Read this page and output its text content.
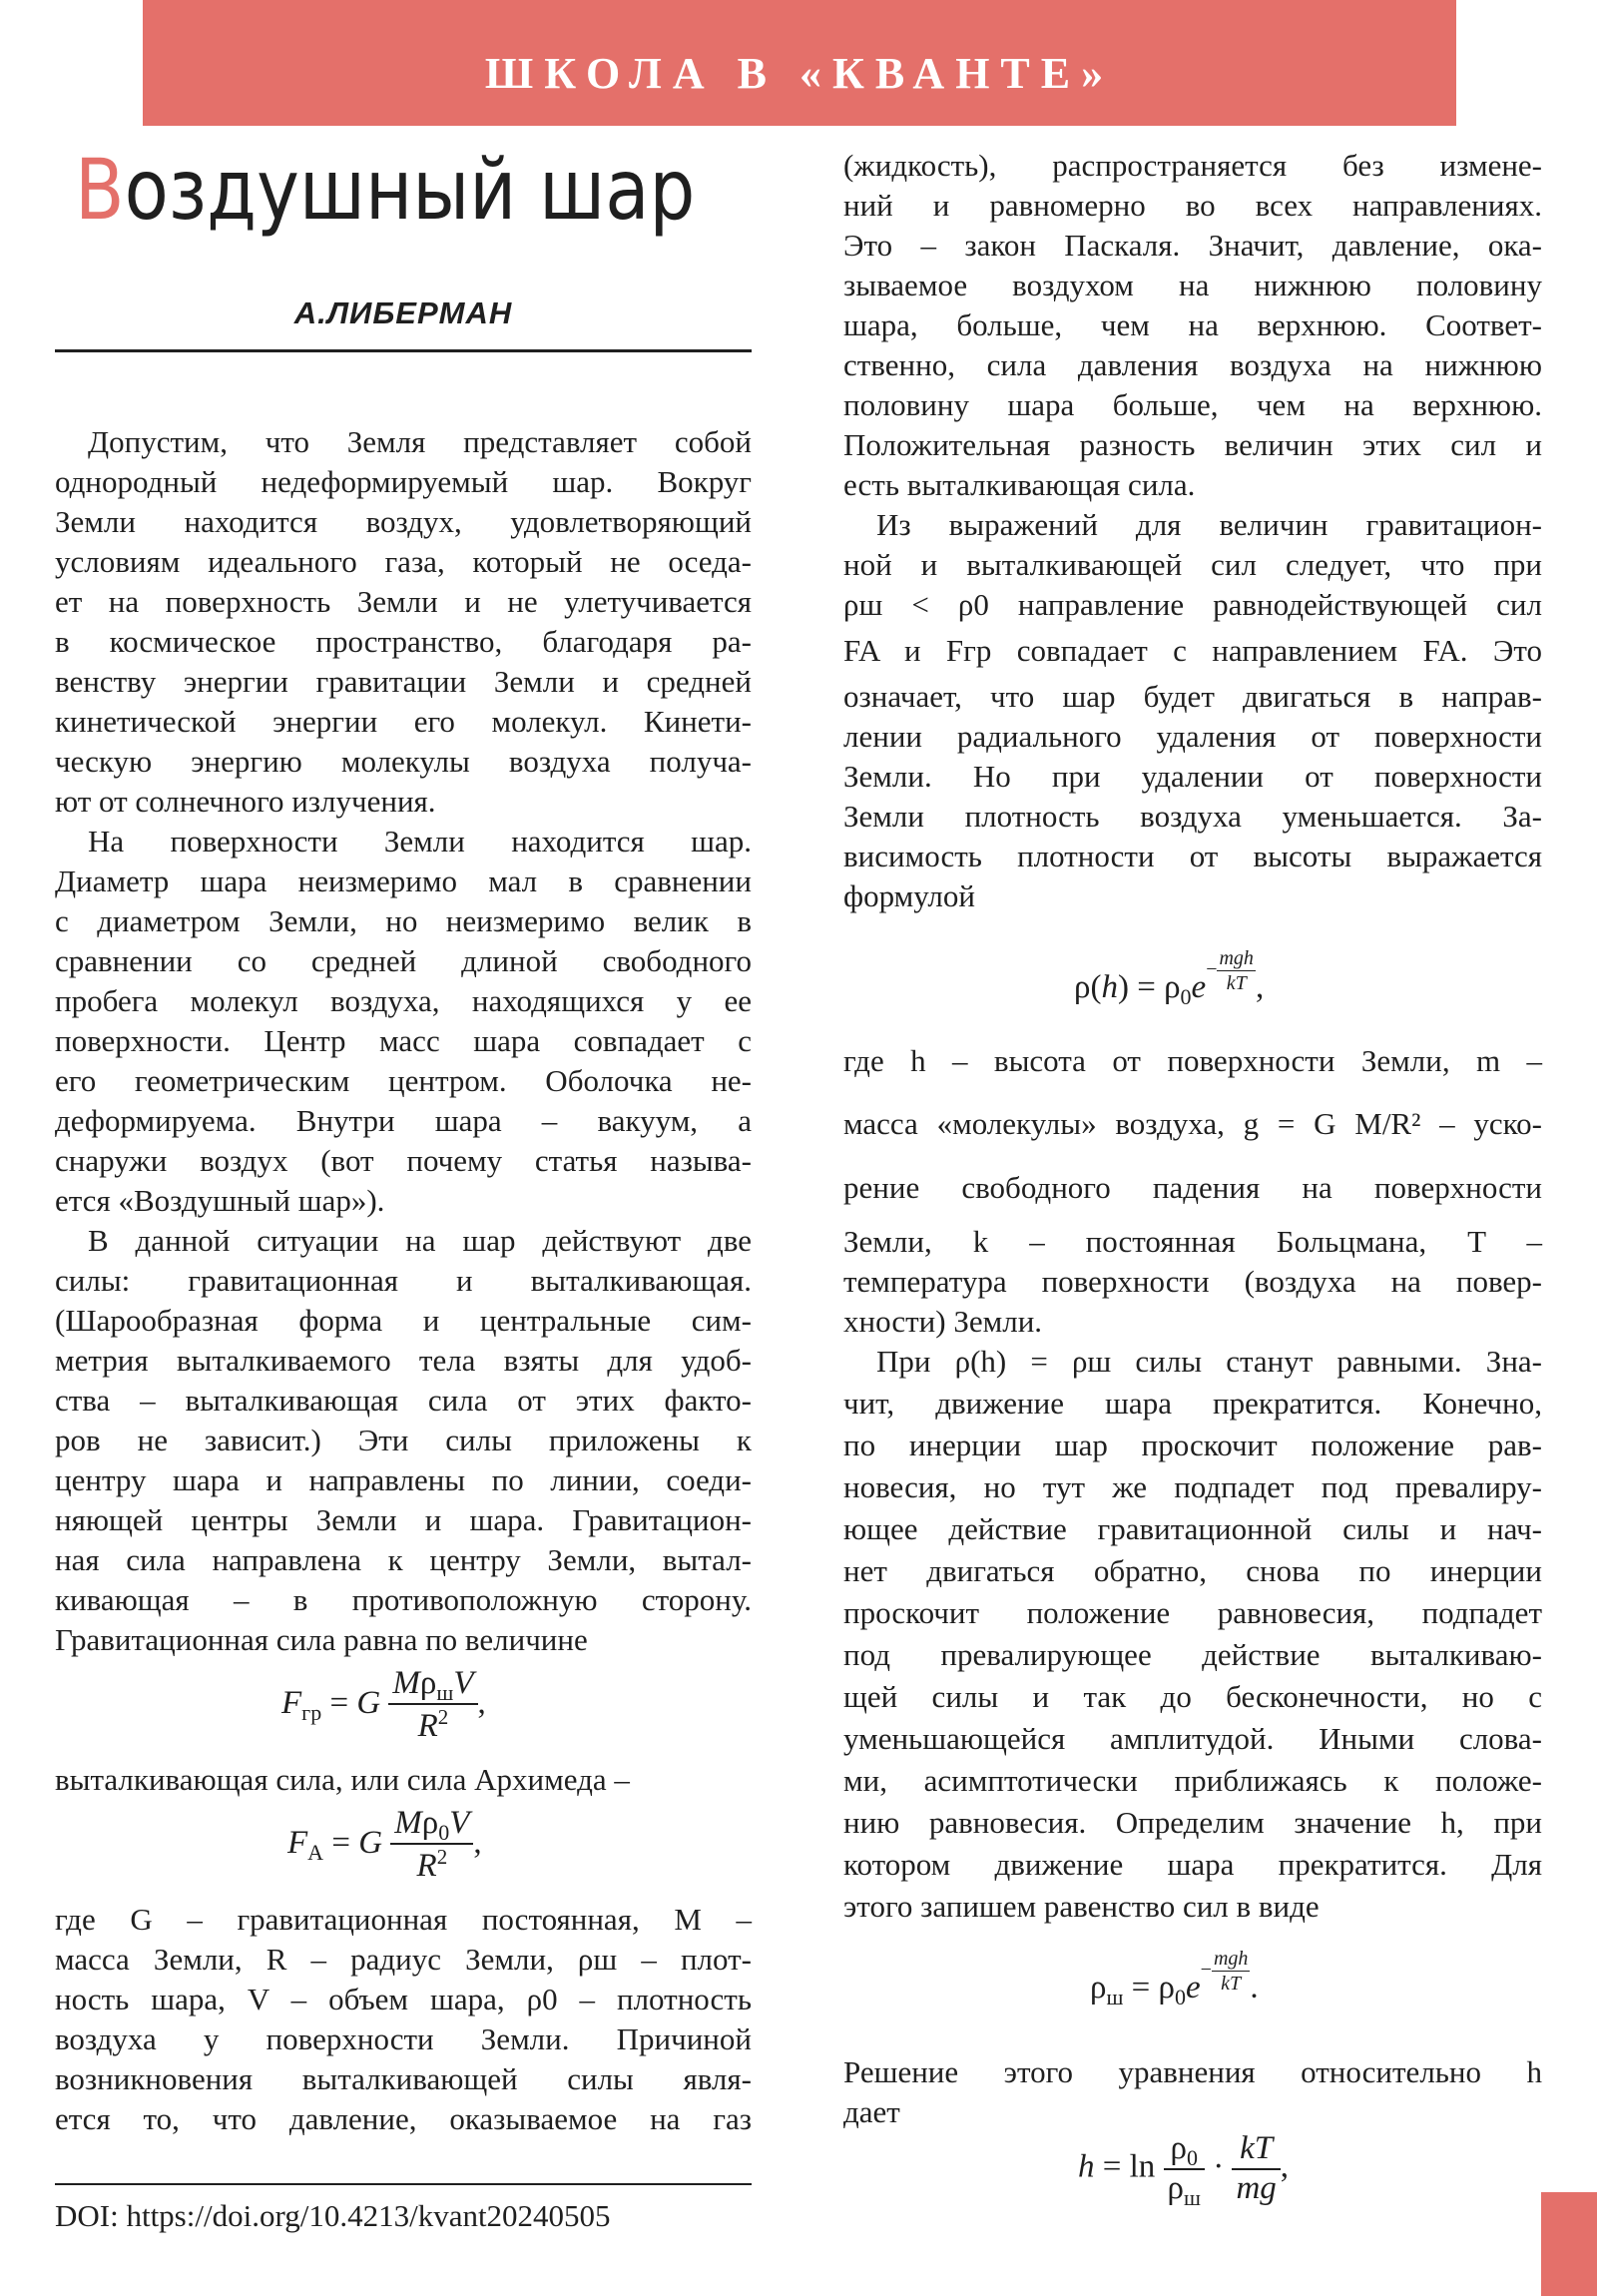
ШКОЛА В «КВАНТЕ»
Воздушный шар
А.ЛИБЕРМАН
Допустим, что Земля представляет собой
однородный недеформируемый шар. Вокруг
Земли находится воздух, удовлетворяющий
условиям идеального газа, который не оседа-
ет на поверхность Земли и не улетучивается
в космическое пространство, благодаря ра-
венству энергии гравитации Земли и средней
кинетической энергии его молекул. Кинети-
ческую энергию молекулы воздуха получа-
ют от солнечного излучения.
На поверхности Земли находится шар.
Диаметр шара неизмеримо мал в сравнении
с диаметром Земли, но неизмеримо велик в
сравнении со средней длиной свободного
пробега молекул воздуха, находящихся у ее
поверхности. Центр масс шара совпадает с
его геометрическим центром. Оболочка не-
деформируема. Внутри шара – вакуум, а
снаружи воздух (вот почему статья называ-
ется «Воздушный шар»).
В данной ситуации на шар действуют две
силы: гравитационная и выталкивающая.
(Шарообразная форма и центральные сим-
метрия выталкиваемого тела взяты для удоб-
ства – выталкивающая сила от этих факто-
ров не зависит.) Эти силы приложены к
центру шара и направлены по линии, соеди-
няющей центры Земли и шара. Гравитацион-
ная сила направлена к центру Земли, вытал-
кивающая – в противоположную сторону.
Гравитационная сила равна по величине
$F_{гр} = G \frac{M\rho_шV}{R^2}$ ,
выталкивающая сила, или сила Архимеда –
$F_A = G \frac{M\rho_0V}{R^2}$ ,
где G – гравитационная постоянная, M –
масса Земли, R – радиус Земли, ρш – плот-
ность шара, V – объем шара, ρ0 – плотность
воздуха у поверхности Земли. Причиной
возникновения выталкивающей силы явля-
ется то, что давление, оказываемое на газ
DOI: https://doi.org/10.4213/kvant20240505
(жидкость), распространяется без измене-
ний и равномерно во всех направлениях.
Это – закон Паскаля. Значит, давление, ока-
зываемое воздухом на нижнюю половину
шара, больше, чем на верхнюю. Соответ-
ственно, сила давления воздуха на нижнюю
половину шара больше, чем на верхнюю.
Положительная разность величин этих сил и
есть выталкивающая сила.
Из выражений для величин гравитацион-
ной и выталкивающей сил следует, что при
ρш < ρ0 направление равнодействующей сил
FA и Fгр совпадает с направлением FA. Это
означает, что шар будет двигаться в направ-
лении радиального удаления от поверхности
Земли. Но при удалении от поверхности
Земли плотность воздуха уменьшается. За-
висимость плотности от высоты выражается
формулой
$\rho(h) = \rho_0e- \frac{\text{mgh}}{kT}$ ,
где h – высота от поверхности Земли, m –
масса «молекулы» воздуха, g = G M/R² – уско-
рение свободного падения на поверхности
Земли, k – постоянная Больцмана, T –
температура поверхности (воздуха на повер-
хности) Земли.
При ρ(h) = ρш силы станут равными. Зна-
чит, движение шара прекратится. Конечно,
по инерции шар проскочит положение рав-
новесия, но тут же подпадет под превалиру-
ющее действие гравитационной силы и нач-
нет двигаться обратно, снова по инерции
проскочит положение равновесия, подпадет
под превалирующее действие выталкиваю-
щей силы и так до бесконечности, но с
уменьшающейся амплитудой. Иными слова-
ми, асимптотически приближаясь к положе-
нию равновесия. Определим значение h, при
котором движение шара прекратится. Для
этого запишем равенство сил в виде
$\rho_ш = \rho_0e- \frac{\text{mgh}}{kT}$ .
Решение этого уравнения относительно h
дает
$h = \ln \frac{\rho_0}{\rho_ш} \cdot \frac{kT}{mg}$ ,
